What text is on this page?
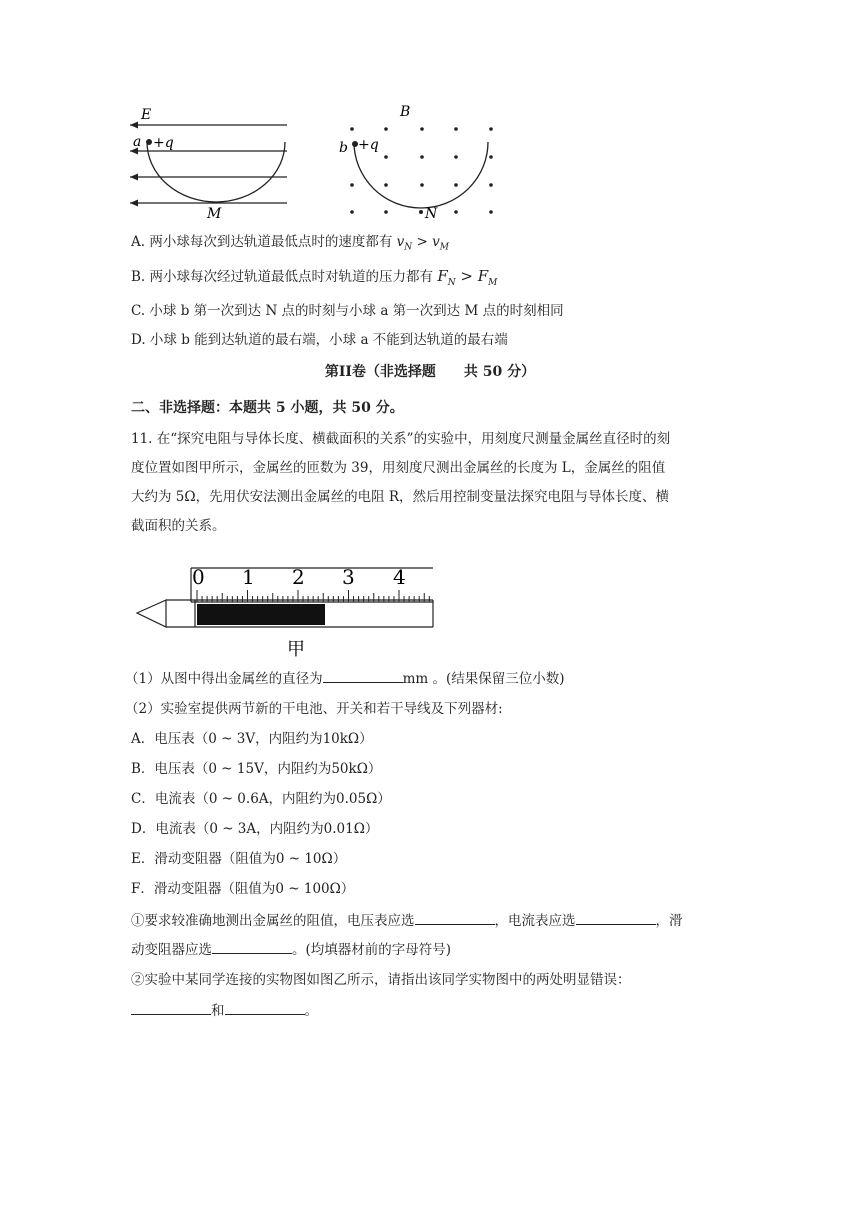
E
a +q
M
B
b +q
N
A. 两小球每次到达轨道最低点时的速度都有 $v_N > v_M$
B. 两小球每次经过轨道最低点时对轨道的压力都有 $F_N > F_M$
C. 小球 b 第一次到达 N 点的时刻与小球 a 第一次到达 M 点的时刻相同
D. 小球 b 能到达轨道的最右端，小球 a 不能到达轨道的最右端
第II卷（非选择题　　共 50 分）
二、非选择题：本题共 5 小题，共 50 分。
11. 在“探究电阻与导体长度、横截面积的关系”的实验中，用刻度尺测量金属丝直径时的刻
度位置如图甲所示，金属丝的匝数为 39，用刻度尺测出金属丝的长度为 L，金属丝的阻值
大约为 5Ω，先用伏安法测出金属丝的电阻 R，然后用控制变量法探究电阻与导体长度、横
截面积的关系。
0 1 2 3 4
甲
（1）从图中得出金属丝的直径为	mm 。(结果保留三位小数)
（2）实验室提供两节新的干电池、开关和若干导线及下列器材:
A．电压表（0 ~ 3V，内阻约为10kΩ）
B．电压表（0 ~ 15V，内阻约为50kΩ）
C．电流表（0 ~ 0.6A，内阻约为0.05Ω）
D．电流表（0 ~ 3A，内阻约为0.01Ω）
E．滑动变阻器（阻值为0 ~ 10Ω）
F．滑动变阻器（阻值为0 ~ 100Ω）
①要求较准确地测出金属丝的阻值，电压表应选	，电流表应选	，滑
动变阻器应选	。(均填器材前的字母符号)
②实验中某同学连接的实物图如图乙所示，请指出该同学实物图中的两处明显错误：
和	。
